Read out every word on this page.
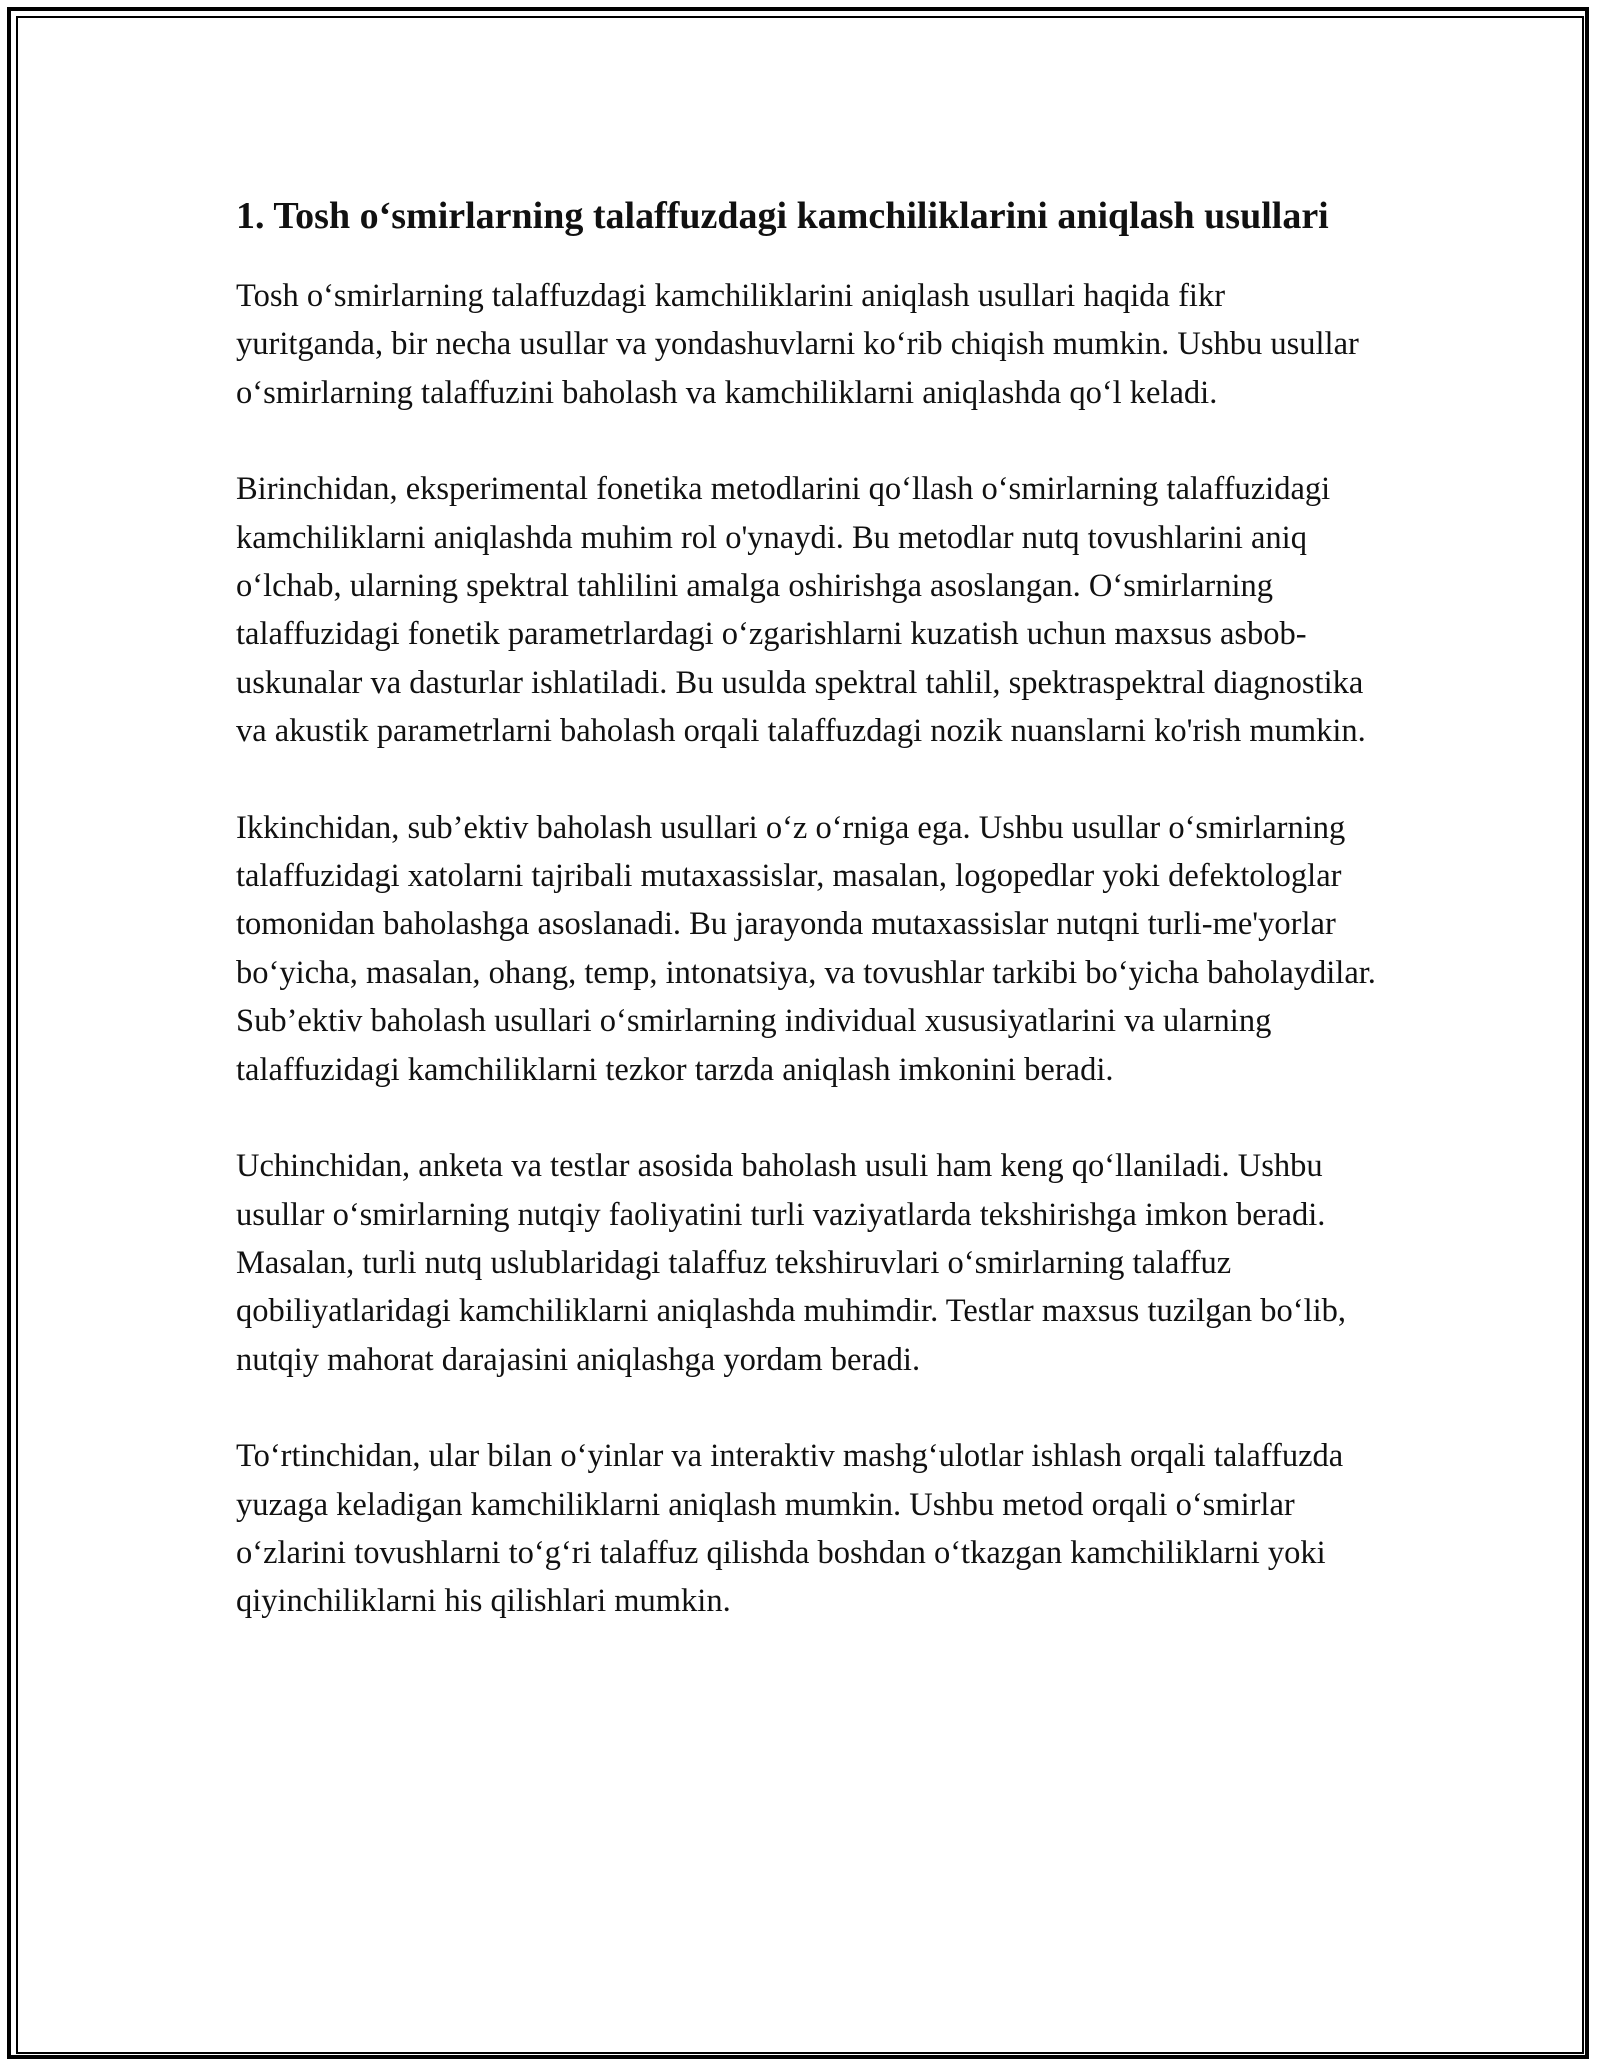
1. Tosh o‘smirlarning talaffuzdagi kamchiliklarini aniqlash usullari

Tosh o‘smirlarning talaffuzdagi kamchiliklarini aniqlash usullari haqida fikr yuritganda, bir necha usullar va yondashuvlarni ko‘rib chiqish mumkin. Ushbu usullar o‘smirlarning talaffuzini baholash va kamchiliklarni aniqlashda qo‘l keladi.

Birinchidan, eksperimental fonetika metodlarini qo‘llash o‘smirlarning talaffuzidagi kamchiliklarni aniqlashda muhim rol o'ynaydi. Bu metodlar nutq tovushlarini aniq o‘lchab, ularning spektral tahlilini amalga oshirishga asoslangan. O‘smirlarning talaffuzidagi fonetik parametrlardagi o‘zgarishlarni kuzatish uchun maxsus asbob-uskunalar va dasturlar ishlatiladi. Bu usulda spektral tahlil, spektraspektral diagnostika va akustik parametrlarni baholash orqali talaffuzdagi nozik nuanslarni ko'rish mumkin.

Ikkinchidan, sub’ektiv baholash usullari o‘z o‘rniga ega. Ushbu usullar o‘smirlarning talaffuzidagi xatolarni tajribali mutaxassislar, masalan, logopedlar yoki defektologlar tomonidan baholashga asoslanadi. Bu jarayonda mutaxassislar nutqni turli-me'yorlar bo‘yicha, masalan, ohang, temp, intonatsiya, va tovushlar tarkibi bo‘yicha baholaydilar. Sub’ektiv baholash usullari o‘smirlarning individual xususiyatlarini va ularning talaffuzidagi kamchiliklarni tezkor tarzda aniqlash imkonini beradi.

Uchinchidan, anketa va testlar asosida baholash usuli ham keng qo‘llaniladi. Ushbu usullar o‘smirlarning nutqiy faoliyatini turli vaziyatlarda tekshirishga imkon beradi. Masalan, turli nutq uslublaridagi talaffuz tekshiruvlari o‘smirlarning talaffuz qobiliyatlaridagi kamchiliklarni aniqlashda muhimdir. Testlar maxsus tuzilgan bo‘lib, nutqiy mahorat darajasini aniqlashga yordam beradi.

To‘rtinchidan, ular bilan o‘yinlar va interaktiv mashg‘ulotlar ishlash orqali talaffuzda yuzaga keladigan kamchiliklarni aniqlash mumkin. Ushbu metod orqali o‘smirlar o‘zlarini tovushlarni to‘g‘ri talaffuz qilishda boshdan o‘tkazgan kamchiliklarni yoki qiyinchiliklarni his qilishlari mumkin.
